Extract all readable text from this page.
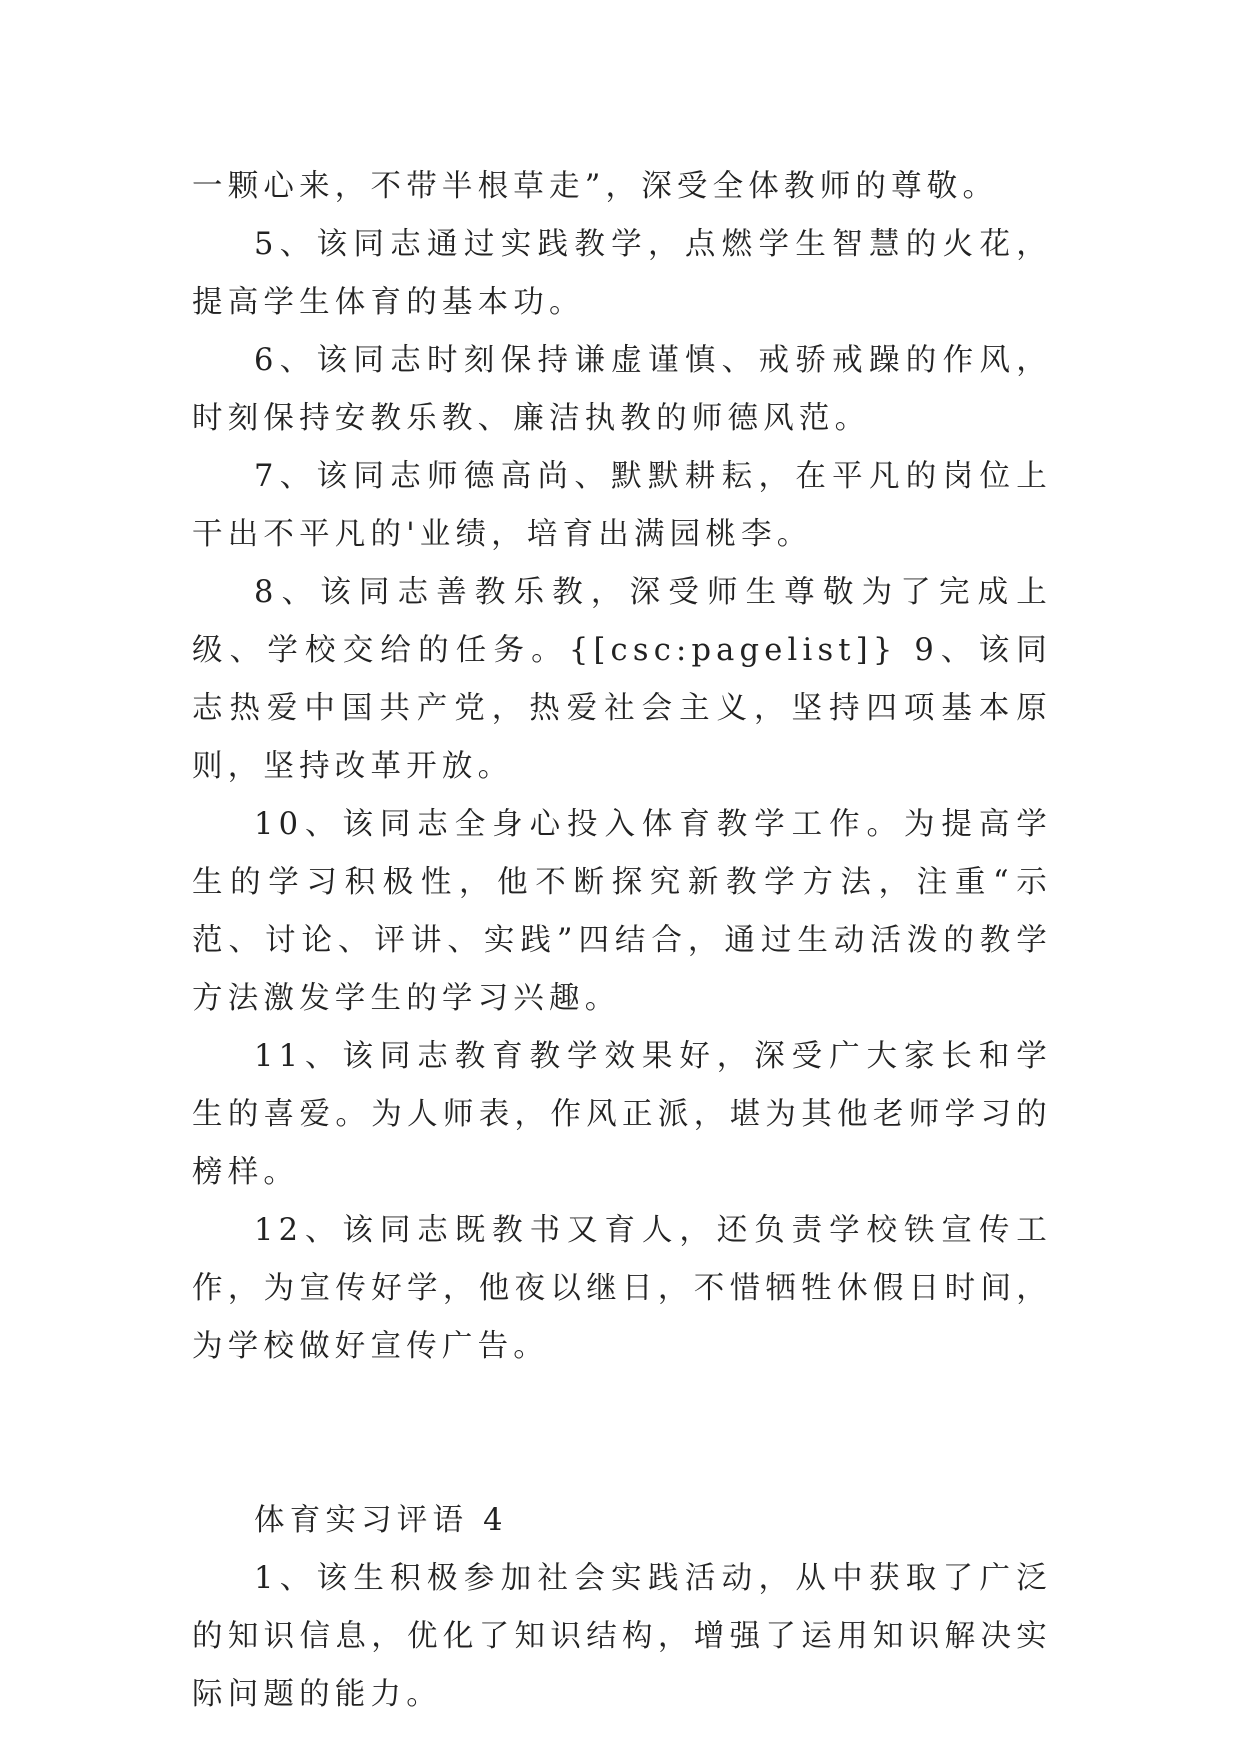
一颗心来，不带半根草走”，深受全体教师的尊敬。

5、该同志通过实践教学，点燃学生智慧的火花，提高学生体育的基本功。

6、该同志时刻保持谦虚谨慎、戒骄戒躁的作风，时刻保持安教乐教、廉洁执教的师德风范。

7、该同志师德高尚、默默耕耘，在平凡的岗位上干出不平凡的'业绩，培育出满园桃李。

8、该同志善教乐教，深受师生尊敬为了完成上级、学校交给的任务。{[csc:pagelist]} 9、该同志热爱中国共产党，热爱社会主义，坚持四项基本原则，坚持改革开放。

10、该同志全身心投入体育教学工作。为提高学生的学习积极性，他不断探究新教学方法，注重“示范、讨论、评讲、实践”四结合，通过生动活泼的教学方法激发学生的学习兴趣。

11、该同志教育教学效果好，深受广大家长和学生的喜爱。为人师表，作风正派，堪为其他老师学习的榜样。

12、该同志既教书又育人，还负责学校铁宣传工作，为宣传好学，他夜以继日，不惜牺牲休假日时间，为学校做好宣传广告。

体育实习评语 4

1、该生积极参加社会实践活动，从中获取了广泛的知识信息，优化了知识结构，增强了运用知识解决实际问题的能力。
